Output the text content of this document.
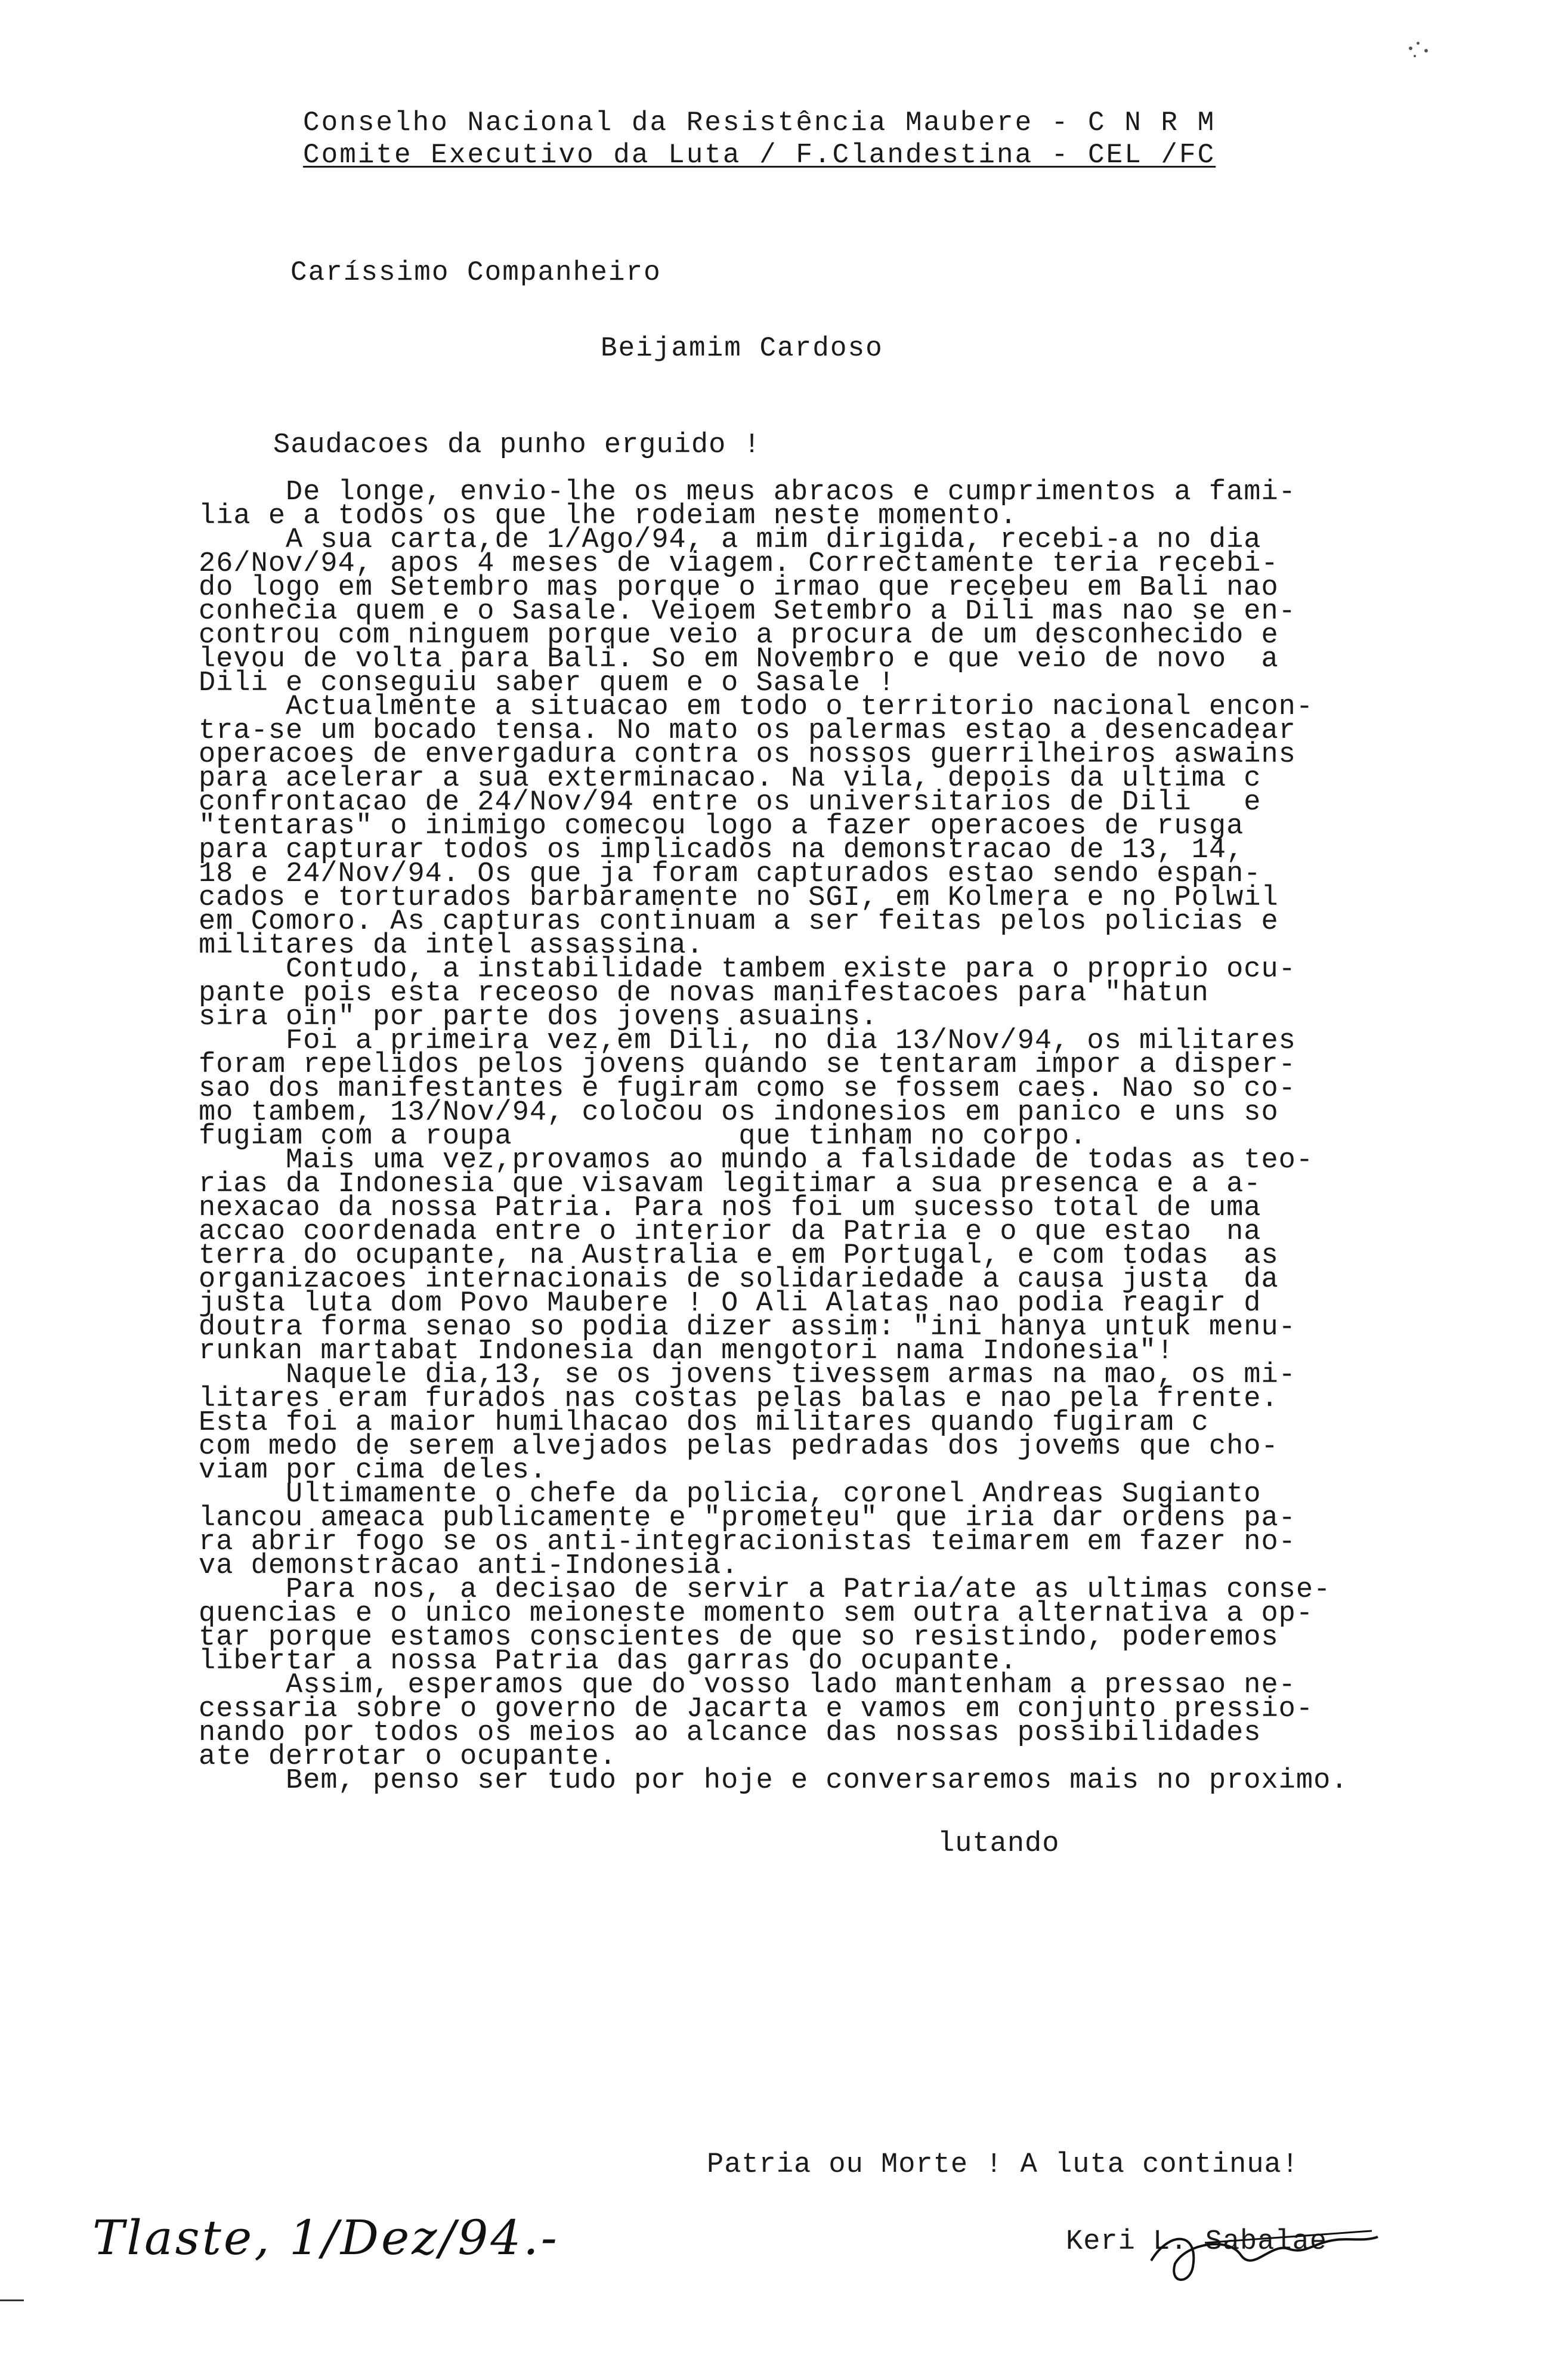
Conselho Nacional da Resistência Maubere - C N R M
Comite Executivo da Luta / F.Clandestina - CEL /FC
Caríssimo Companheiro
Beijamim Cardoso
Saudacoes da punho erguido !
De longe, envio-lhe os meus abracos e cumprimentos a fami-
lia e a todos os que lhe rodeiam neste momento.
A sua carta,de 1/Ago/94, a mim dirigida, recebi-a no dia
26/Nov/94, apos 4 meses de viagem. Correctamente teria recebi-
do logo em Setembro mas porque o irmao que recebeu em Bali nao
conhecia quem e o Sasale. Veioem Setembro a Dili mas nao se en-
controu com ninguem porque veio a procura de um desconhecido e
levou de volta para Bali. So em Novembro e que veio de novo  a
Dili e conseguiu saber quem e o Sasale !
Actualmente a situacao em todo o territorio nacional encon-
tra-se um bocado tensa. No mato os palermas estao a desencadear
operacoes de envergadura contra os nossos guerrilheiros aswains
para acelerar a sua exterminacao. Na vila, depois da ultima c
confrontacao de 24/Nov/94 entre os universitarios de Dili   e
"tentaras" o inimigo comecou logo a fazer operacoes de rusga
para capturar todos os implicados na demonstracao de 13, 14,
18 e 24/Nov/94. Os que ja foram capturados estao sendo espan-
cados e torturados barbaramente no SGI, em Kolmera e no Polwil
em Comoro. As capturas continuam a ser feitas pelos policias e
militares da intel assassina.
Contudo, a instabilidade tambem existe para o proprio ocu-
pante pois esta receoso de novas manifestacoes para "hatun
sira oin" por parte dos jovens asuains.
Foi a primeira vez,em Dili, no dia 13/Nov/94, os militares
foram repelidos pelos jovens quando se tentaram impor a disper-
sao dos manifestantes e fugiram como se fossem caes. Nao so co-
mo tambem, 13/Nov/94, colocou os indonesios em panico e uns so
fugiam com a roupa             que tinham no corpo.
Mais uma vez,provamos ao mundo a falsidade de todas as teo-
rias da Indonesia que visavam legitimar a sua presenca e a a-
nexacao da nossa Patria. Para nos foi um sucesso total de uma
accao coordenada entre o interior da Patria e o que estao  na
terra do ocupante, na Australia e em Portugal, e com todas  as
organizacoes internacionais de solidariedade a causa justa  da
justa luta dom Povo Maubere ! O Ali Alatas nao podia reagir d
doutra forma senao so podia dizer assim: "ini hanya untuk menu-
runkan martabat Indonesia dan mengotori nama Indonesia"!
Naquele dia,13, se os jovens tivessem armas na mao, os mi-
litares eram furados nas costas pelas balas e nao pela frente.
Esta foi a maior humilhacao dos militares quando fugiram c
com medo de serem alvejados pelas pedradas dos jovems que cho-
viam por cima deles.
Ultimamente o chefe da policia, coronel Andreas Sugianto
lancou ameaca publicamente e "prometeu" que iria dar ordens pa-
ra abrir fogo se os anti-integracionistas teimarem em fazer no-
va demonstracao anti-Indonesia.
Para nos, a decisao de servir a Patria/ate as ultimas conse-
quencias e o unico meioneste momento sem outra alternativa a op-
tar porque estamos conscientes de que so resistindo, poderemos
libertar a nossa Patria das garras do ocupante.
Assim, esperamos que do vosso lado mantenham a pressao ne-
cessaria sobre o governo de Jacarta e vamos em conjunto pressio-
nando por todos os meios ao alcance das nossas possibilidades
ate derrotar o ocupante.
Bem, penso ser tudo por hoje e conversaremos mais no proximo.
lutando
Patria ou Morte ! A luta continua!
Keri L. Sabalae
Tlaste, 1/Dez/94.-
